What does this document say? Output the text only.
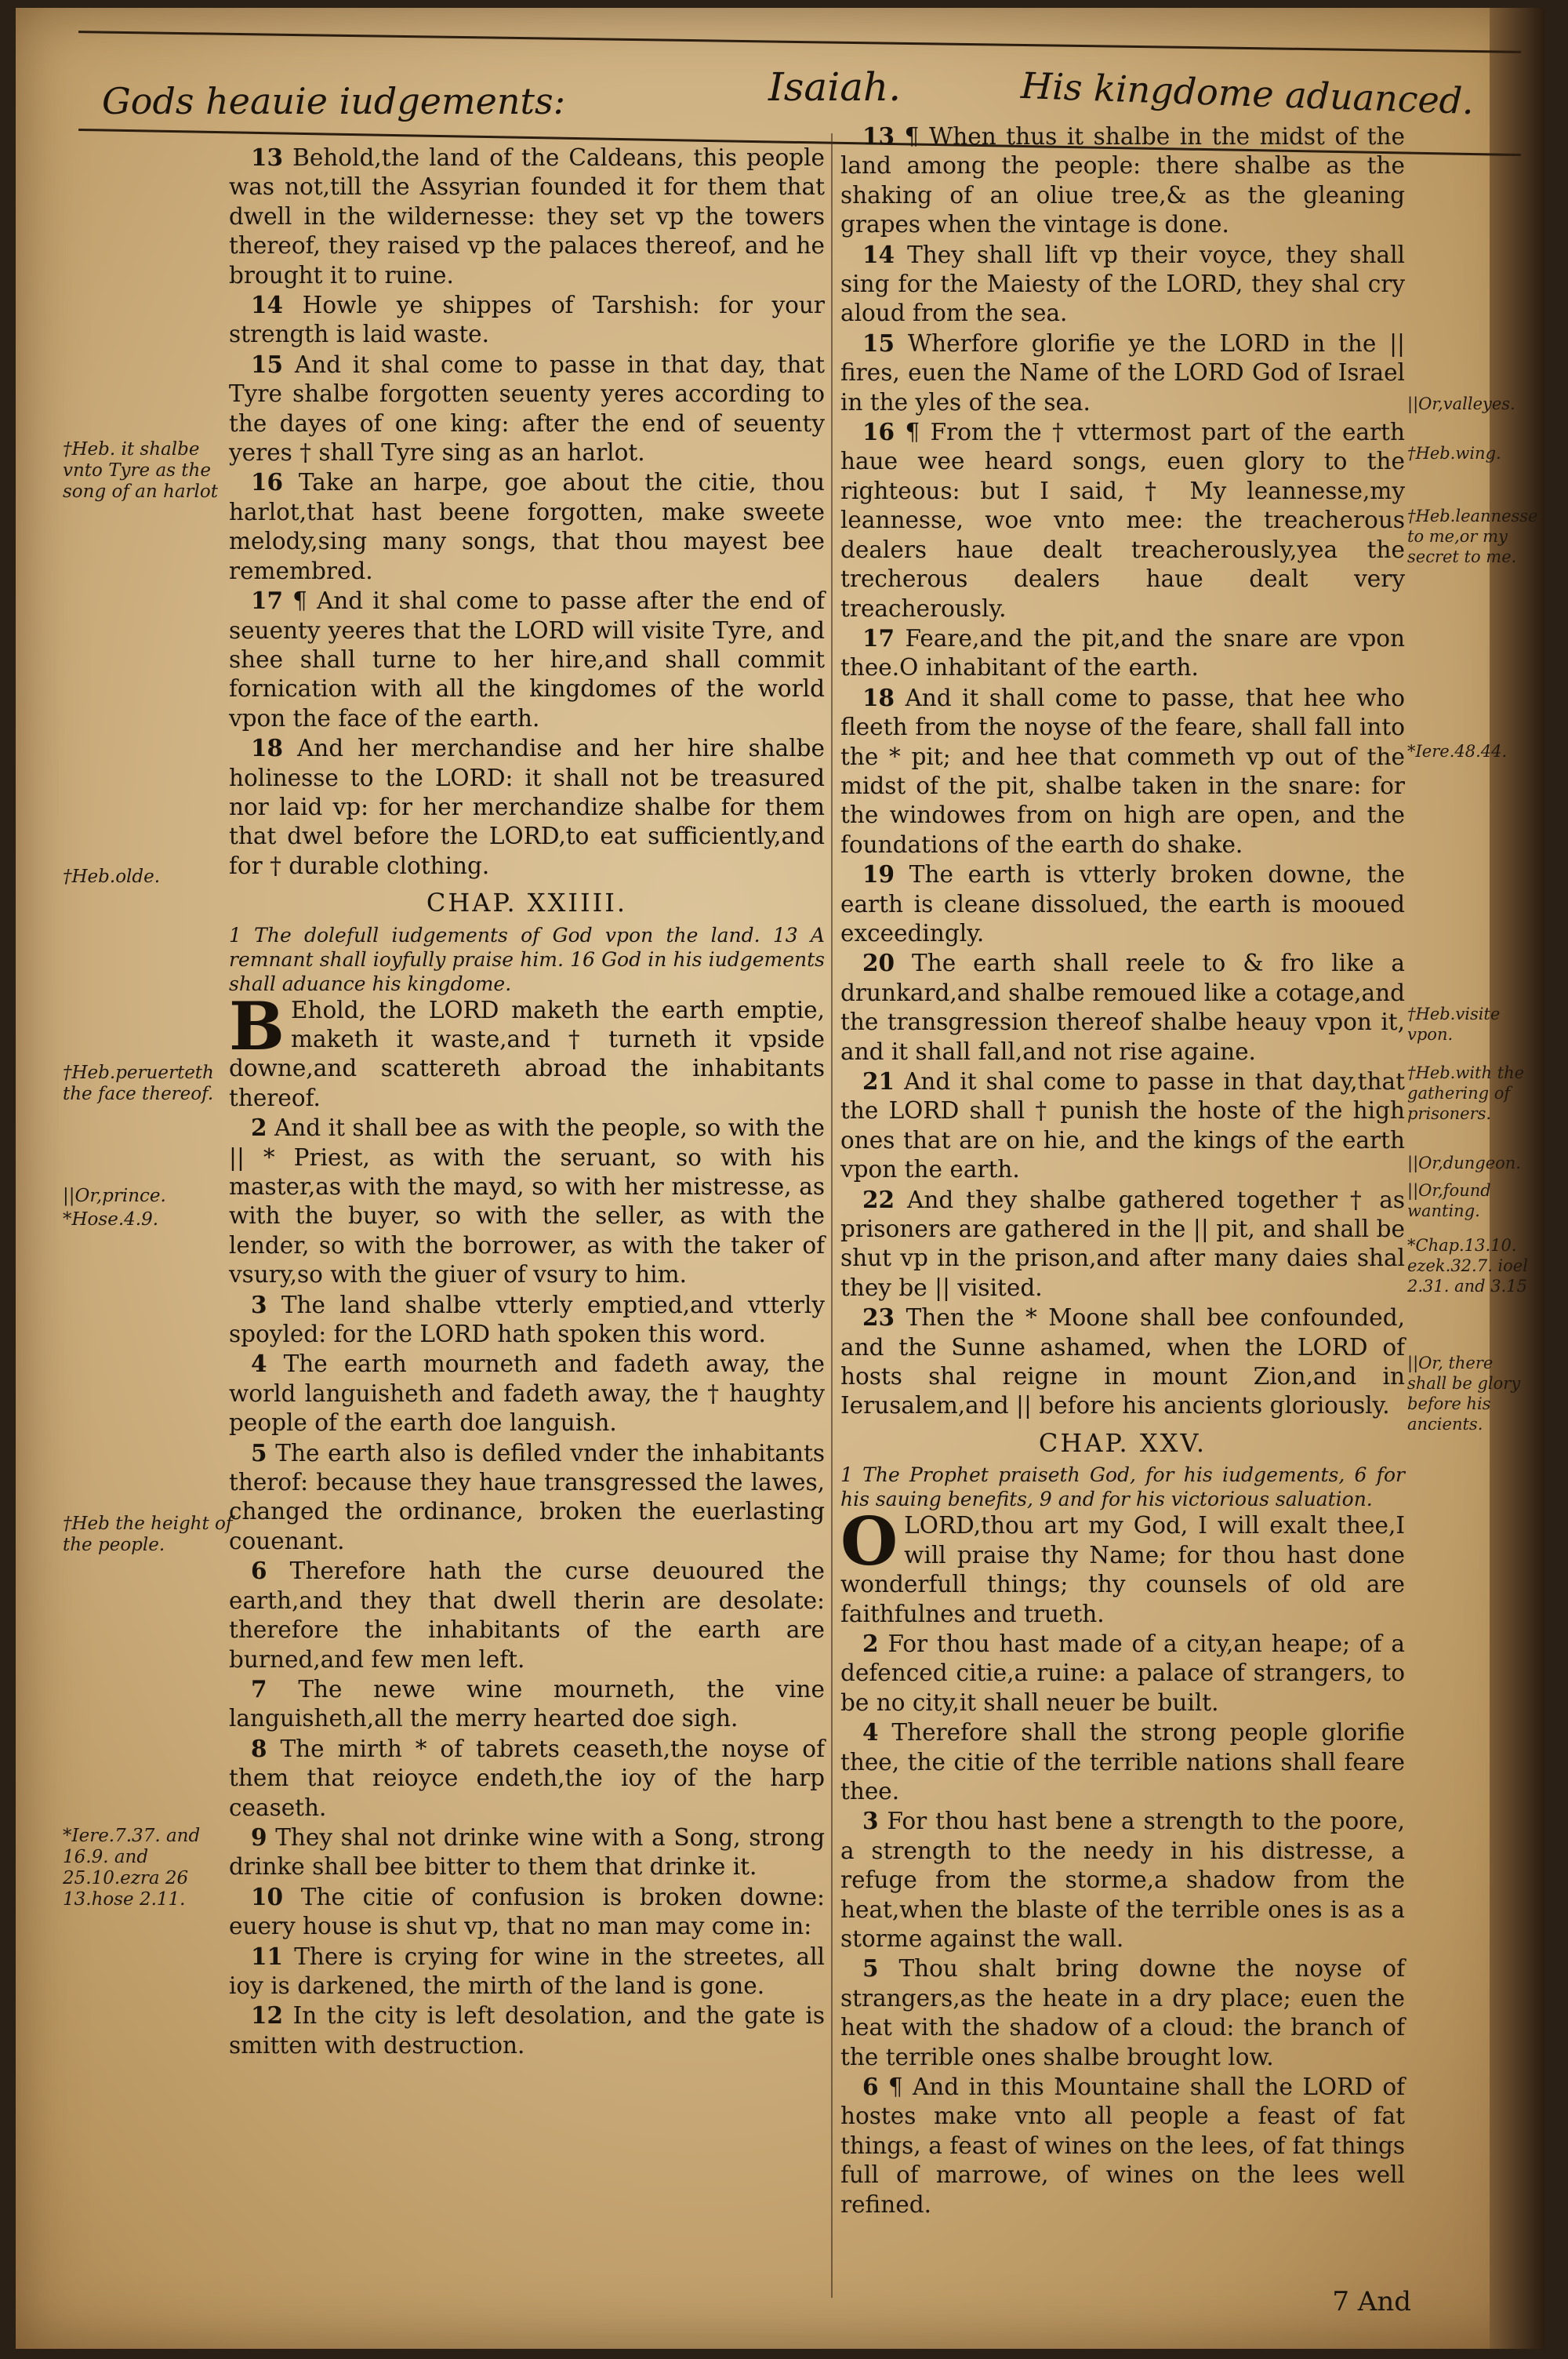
Gods heauie iudgements:	Isaiah.	His kingdome aduanced.

13 Behold,the land of the Caldeans, this people was not,till the Assyrian founded it for them that dwell in the wildernesse: they set vp the towers thereof, they raised vp the palaces thereof, and he brought it to ruine.

14 Howle ye shippes of Tarshish: for your strength is laid waste.

15 And it shal come to passe in that day, that Tyre shalbe forgotten seuenty yeres according to the dayes of one king: after the end of seuenty yeres † shall Tyre sing as an harlot.

16 Take an harpe, goe about the citie, thou harlot,that hast beene forgotten, make sweete melody,sing many songs, that thou mayest bee remembred.

17 ¶ And it shal come to passe after the end of seuenty yeeres that the LORD will visite Tyre, and shee shall turne to her hire,and shall commit fornication with all the kingdomes of the world vpon the face of the earth.

18 And her merchandise and her hire shalbe holinesse to the LORD: it shall not be treasured nor laid vp: for her merchandize shalbe for them that dwel before the LORD,to eat sufficiently,and for † durable clothing.

CHAP. XXIIII.

1 The dolefull iudgements of God vpon the land. 13 A remnant shall ioyfully praise him. 16 God in his iudgements shall aduance his kingdome.

B Ehold, the LORD maketh the earth emptie, maketh it waste,and † turneth it vpside downe,and scattereth abroad the inhabitants thereof.

2 And it shall bee as with the people, so with the || * Priest, as with the seruant, so with his master,as with the mayd, so with her mistresse, as with the buyer, so with the seller, as with the lender, so with the borrower, as with the taker of vsury,so with the giuer of vsury to him.

3 The land shalbe vtterly emptied,and vtterly spoyled: for the LORD hath spoken this word.

4 The earth mourneth and fadeth away, the world languisheth and fadeth away, the † haughty people of the earth doe languish.

5 The earth also is defiled vnder the inhabitants therof: because they haue transgressed the lawes, changed the ordinance, broken the euerlasting couenant.

6 Therefore hath the curse deuoured the earth,and they that dwell therin are desolate: therefore the inhabitants of the earth are burned,and few men left.

7 The newe wine mourneth, the vine languisheth,all the merry hearted doe sigh.

8 The mirth * of tabrets ceaseth,the noyse of them that reioyce endeth,the ioy of the harp ceaseth.

9 They shal not drinke wine with a Song, strong drinke shall bee bitter to them that drinke it.

10 The citie of confusion is broken downe: euery house is shut vp, that no man may come in:

11 There is crying for wine in the streetes, all ioy is darkened, the mirth of the land is gone.

12 In the city is left desolation, and the gate is smitten with destruction.

13 ¶ When thus it shalbe in the midst of the land among the people: there shalbe as the shaking of an oliue tree,& as the gleaning grapes when the vintage is done.

14 They shall lift vp their voyce, they shall sing for the Maiesty of the LORD, they shal cry aloud from the sea.

15 Wherfore glorifie ye the LORD in the || fires, euen the Name of the LORD God of Israel in the yles of the sea.

16 ¶ From the † vttermost part of the earth haue wee heard songs, euen glory to the righteous: but I said, † My leannesse,my leannesse, woe vnto mee: the treacherous dealers haue dealt treacherously,yea the trecherous dealers haue dealt very treacherously.

17 Feare,and the pit,and the snare are vpon thee.O inhabitant of the earth.

18 And it shall come to passe, that hee who fleeth from the noyse of the feare, shall fall into the * pit; and hee that commeth vp out of the midst of the pit, shalbe taken in the snare: for the windowes from on high are open, and the foundations of the earth do shake.

19 The earth is vtterly broken downe, the earth is cleane dissolued, the earth is mooued exceedingly.

20 The earth shall reele to & fro like a drunkard,and shalbe remoued like a cotage,and the transgression thereof shalbe heauy vpon it, and it shall fall,and not rise againe.

21 And it shal come to passe in that day,that the LORD shall † punish the hoste of the high ones that are on hie, and the kings of the earth vpon the earth.

22 And they shalbe gathered together † as prisoners are gathered in the || pit, and shall be shut vp in the prison,and after many daies shal they be || visited.

23 Then the * Moone shall bee confounded, and the Sunne ashamed, when the LORD of hosts shal reigne in mount Zion,and in Ierusalem,and || before his ancients gloriously.

CHAP. XXV.

1 The Prophet praiseth God, for his iudgements, 6 for his sauing benefits, 9 and for his victorious saluation.

OLORD,thou art my God, I will exalt thee,I will praise thy Name; for thou hast done wonderfull things; thy counsels of old are faithfulnes and trueth.

2 For thou hast made of a city,an heape; of a defenced citie,a ruine: a palace of strangers, to be no city,it shall neuer be built.

4 Therefore shall the strong people glorifie thee, the citie of the terrible nations shall feare thee.

3 For thou hast bene a strength to the poore, a strength to the needy in his distresse, a refuge from the storme,a shadow from the heat,when the blaste of the terrible ones is as a storme against the wall.

5 Thou shalt bring downe the noyse of strangers,as the heate in a dry place; euen the heat with the shadow of a cloud: the branch of the terrible ones shalbe brought low.

6 ¶ And in this Mountaine shall the LORD of hostes make vnto all people a feast of fat things, a feast of wines on the lees, of fat things full of marrowe, of wines on the lees well refined.

7 And
†Heb. it shalbe vnto Tyre as the song of an harlot
†Heb.olde.
†Heb.peruerteth the face thereof.
||Or,prince.
*Hose.4.9.
†Heb the height of the people.
*Iere.7.37. and 16.9. and 25.10.ezra 26 13.hose 2.11.
||Or,valleyes.
†Heb.wing.
†Heb.leannesse to me,or my secret to me.
*Iere.48.44.
†Heb.visite vpon.
†Heb.with the gathering of prisoners.
||Or,dungeon.
||Or,found wanting.
*Chap.13.10. ezek.32.7. ioel 2.31. and 3.15
||Or, there shall be glory before his ancients.
